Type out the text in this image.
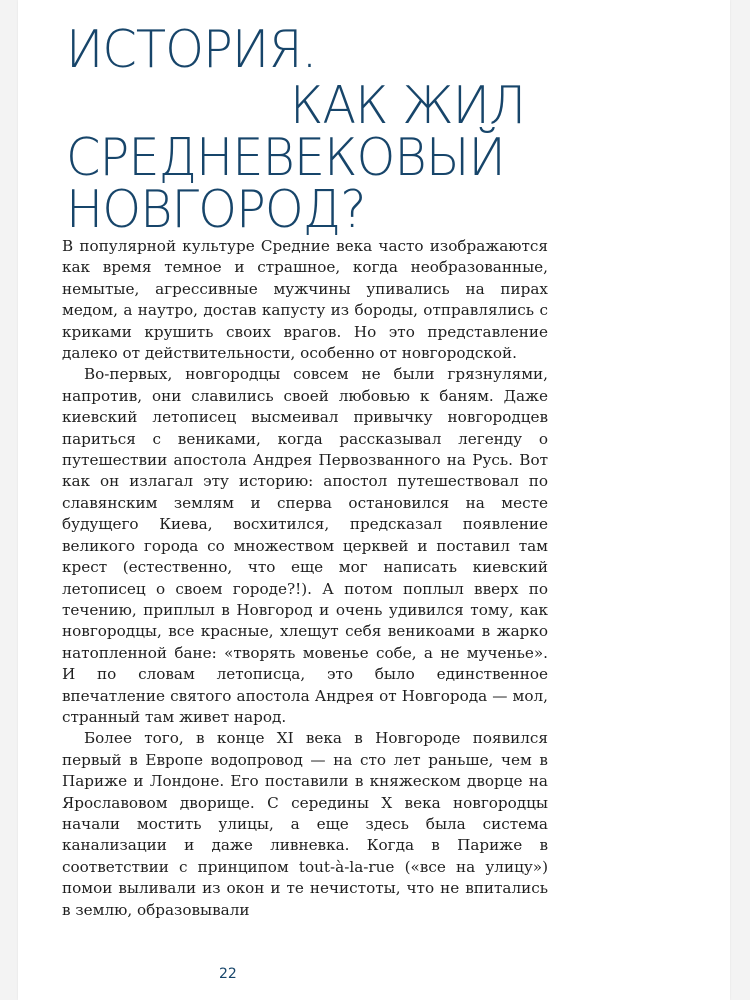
ИСТОРИЯ.
КАК ЖИЛ
СРЕДНЕВЕКОВЫЙ
НОВГОРОД?

В популярной культуре Средние века часто изображаются как время темное и страшное, когда необразованные, немытые, агрессивные мужчины упивались на пирах медом, а наутро, достав капусту из бороды, отправлялись с криками крушить своих врагов. Но это представление далеко от действительности, особенно от новгородской.

Во-первых, новгородцы совсем не были грязнулями, напротив, они славились своей любовью к баням. Даже киевский летописец высмеивал привычку новгородцев париться с вениками, когда рассказывал легенду о путешествии апостола Андрея Первозванного на Русь. Вот как он излагал эту историю: апостол путешествовал по славянским землям и сперва остановился на месте будущего Киева, восхитился, предсказал появление великого города со множеством церквей и поставил там крест (естественно, что еще мог написать киевский летописец о своем городе?!). А потом поплыл вверх по течению, приплыл в Новгород и очень удивился тому, как новгородцы, все красные, хлещут себя веникоами в жарко натопленной бане: «творять мовенье собе, а не мученье». И по словам летописца, это было единственное впечатление святого апостола Андрея от Новгорода — мол, странный там живет народ.

Более того, в конце XI века в Новгороде появился первый в Европе водопровод — на сто лет раньше, чем в Париже и Лондоне. Его поставили в княжеском дворце на Ярославовом дворище. С середины X века новгородцы начали мостить улицы, а еще здесь была система канализации и даже ливневка. Когда в Париже в соответствии с принципом tout-à-la-rue («все на улицу») помои выливали из окон и те нечистоты, что не впитались в землю, образовывали

22
